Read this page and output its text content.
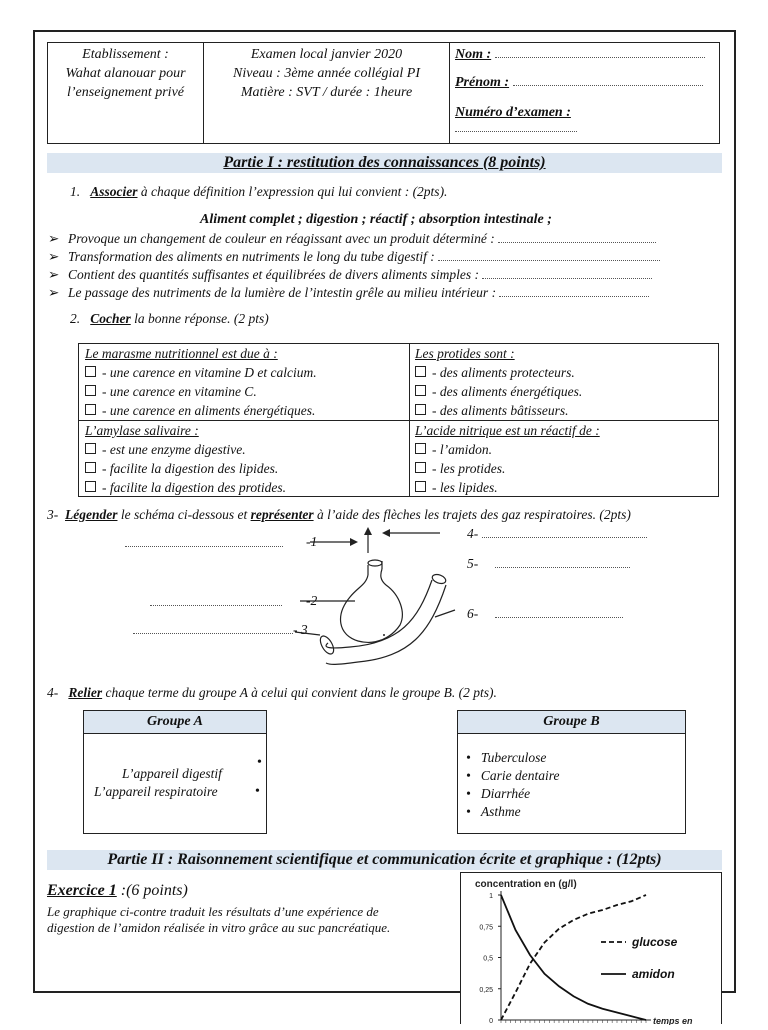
Etablissement :
Wahat alanouar pour
l’enseignement privé
Examen local janvier 2020
Niveau : 3ème année collégial PI
Matière : SVT / durée : 1heure
Nom :
Prénom :
Numéro d’examen :
Partie I : restitution des connaissances (8 points)
1. Associer à chaque définition l’expression qui lui convient : (2pts).
Aliment complet ; digestion ; réactif ; absorption intestinale ;
➢ Provoque un changement de couleur en réagissant avec un produit déterminé :
➢ Transformation des aliments en nutriments le long du tube digestif :
➢ Contient des quantités suffisantes et équilibrées de divers aliments simples :
➢ Le passage des nutriments de la lumière de l’intestin grêle au milieu intérieur :
2. Cocher la bonne réponse. (2 pts)
Le marasme nutritionnel est due à :
- une carence en vitamine D et calcium.
- une carence en vitamine C.
- une carence en aliments énergétiques.
Les protides sont :
- des aliments protecteurs.
- des aliments énergétiques.
- des aliments bâtisseurs.
L’amylase salivaire :
- est une enzyme digestive.
- facilite la digestion des lipides.
- facilite la digestion des protides.
L’acide nitrique est un réactif de :
- l’amidon.
- les protides.
- les lipides.
3- Légender le schéma ci-dessous et représenter à l’aide des flèches les trajets des gaz respiratoires. (2pts)
-1
4-
5-
-2
6-
- 3
4- Relier chaque terme du groupe A à celui qui convient dans le groupe B. (2 pts).
Groupe A
L’appareil digestif
L’appareil respiratoire
•
•
Groupe B
• Tuberculose
• Carie dentaire
• Diarrhée
• Asthme
Partie II : Raisonnement scientifique et communication écrite et graphique : (12pts)
Exercice 1 :(6 points)
Le graphique ci-contre traduit les résultats d’une expérience de
digestion de l’amidon réalisée in vitro grâce au suc pancréatique.
0
0,25
0,5
0,75
1
concentration en (g/l)
temps en
glucose
amidon
